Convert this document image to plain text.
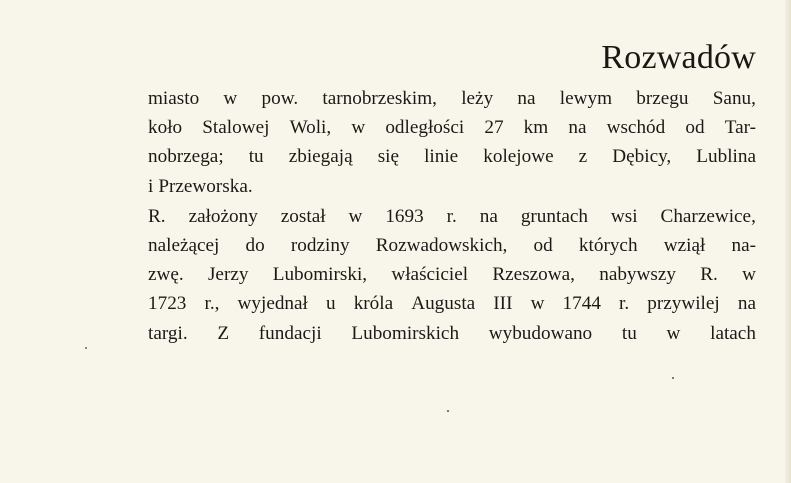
Rozwadów
miasto w pow. tarnobrzeskim, leży na lewym brzegu Sanu,
koło Stalowej Woli, w odległości 27 km na wschód od Tar-
nobrzega; tu zbiegają się linie kolejowe z Dębicy, Lublina
i Przeworska.
R. założony został w 1693 r. na gruntach wsi Charzewice,
należącej do rodziny Rozwadowskich, od których wziął na-
zwę. Jerzy Lubomirski, właściciel Rzeszowa, nabywszy R. w
1723 r., wyjednał u króla Augusta III w 1744 r. przywilej na
targi. Z fundacji Lubomirskich wybudowano tu w latach
